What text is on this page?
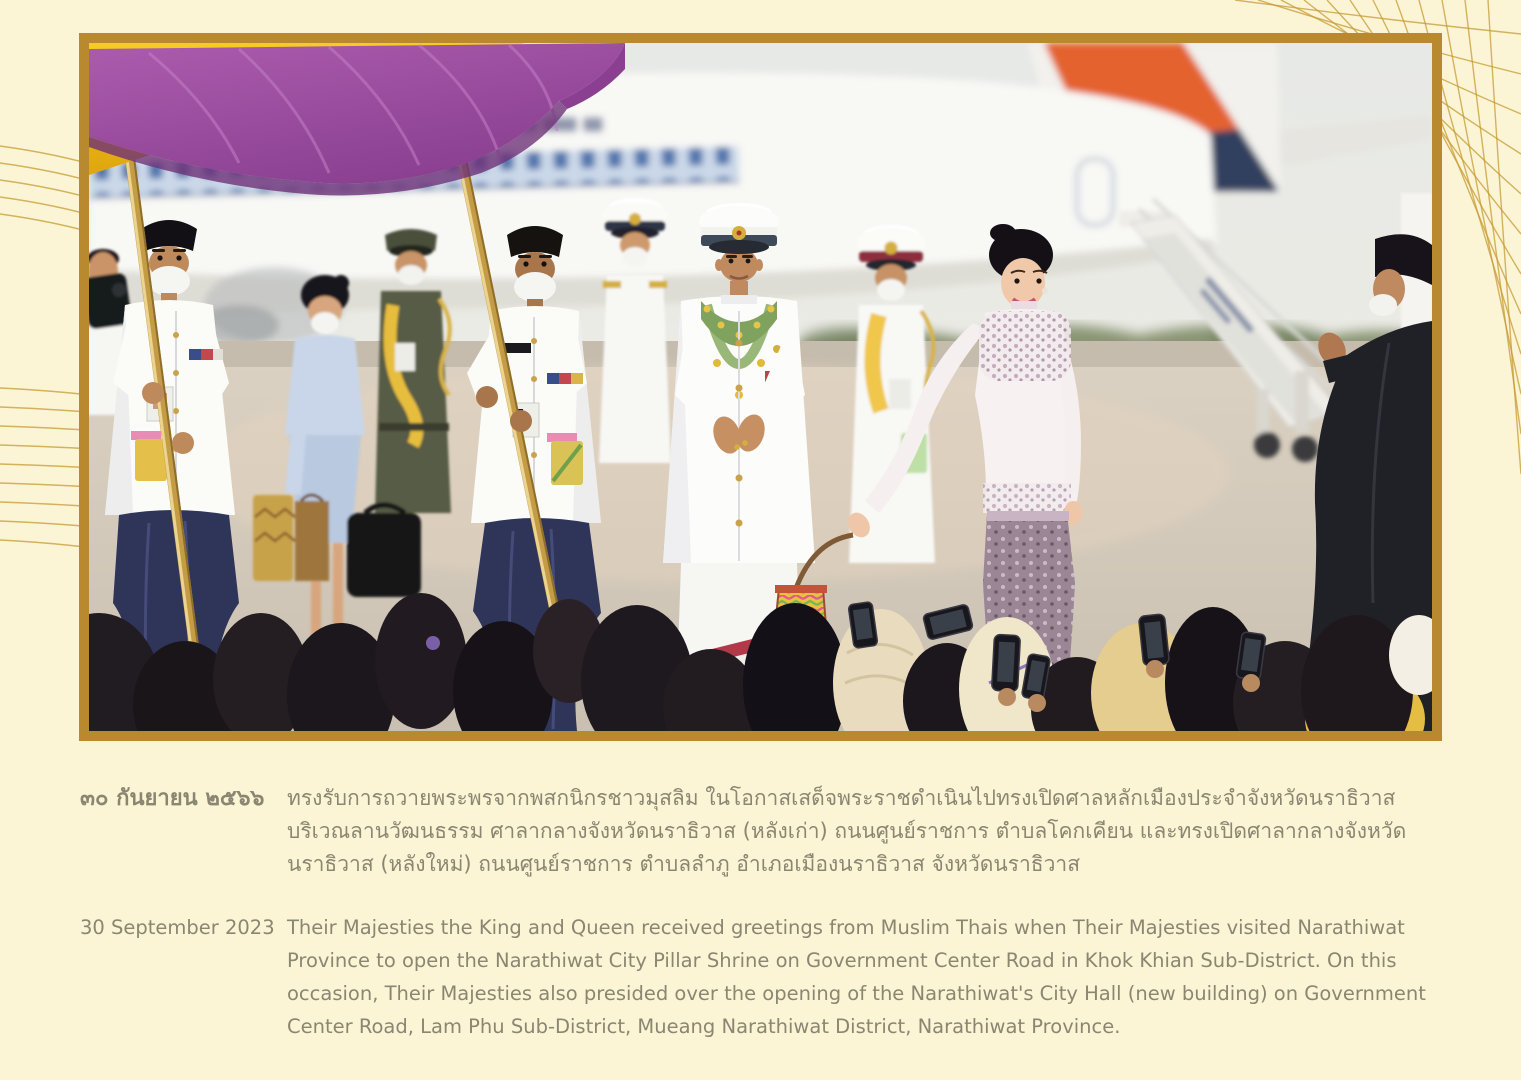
๓๐ กันยายน ๒๕๖๖	ทรงรับการถวายพระพรจากพสกนิกรชาวมุสลิม ในโอกาสเสด็จพระราชดำเนินไปทรงเปิดศาลหลักเมืองประจำจังหวัดนราธิวาส บริเวณลานวัฒนธรรม ศาลากลางจังหวัดนราธิวาส (หลังเก่า) ถนนศูนย์ราชการ ตำบลโคกเคียน และทรงเปิดศาลากลางจังหวัดนราธิวาส (หลังใหม่) ถนนศูนย์ราชการ ตำบลลำภู อำเภอเมืองนราธิวาส จังหวัดนราธิวาส

30 September 2023 Their Majesties the King and Queen received greetings from Muslim Thais when Their Majesties visited Narathiwat Province to open the Narathiwat City Pillar Shrine on Government Center Road in Khok Khian Sub-District. On this occasion, Their Majesties also presided over the opening of the Narathiwat's City Hall (new building) on Government Center Road, Lam Phu Sub-District, Mueang Narathiwat District, Narathiwat Province.
